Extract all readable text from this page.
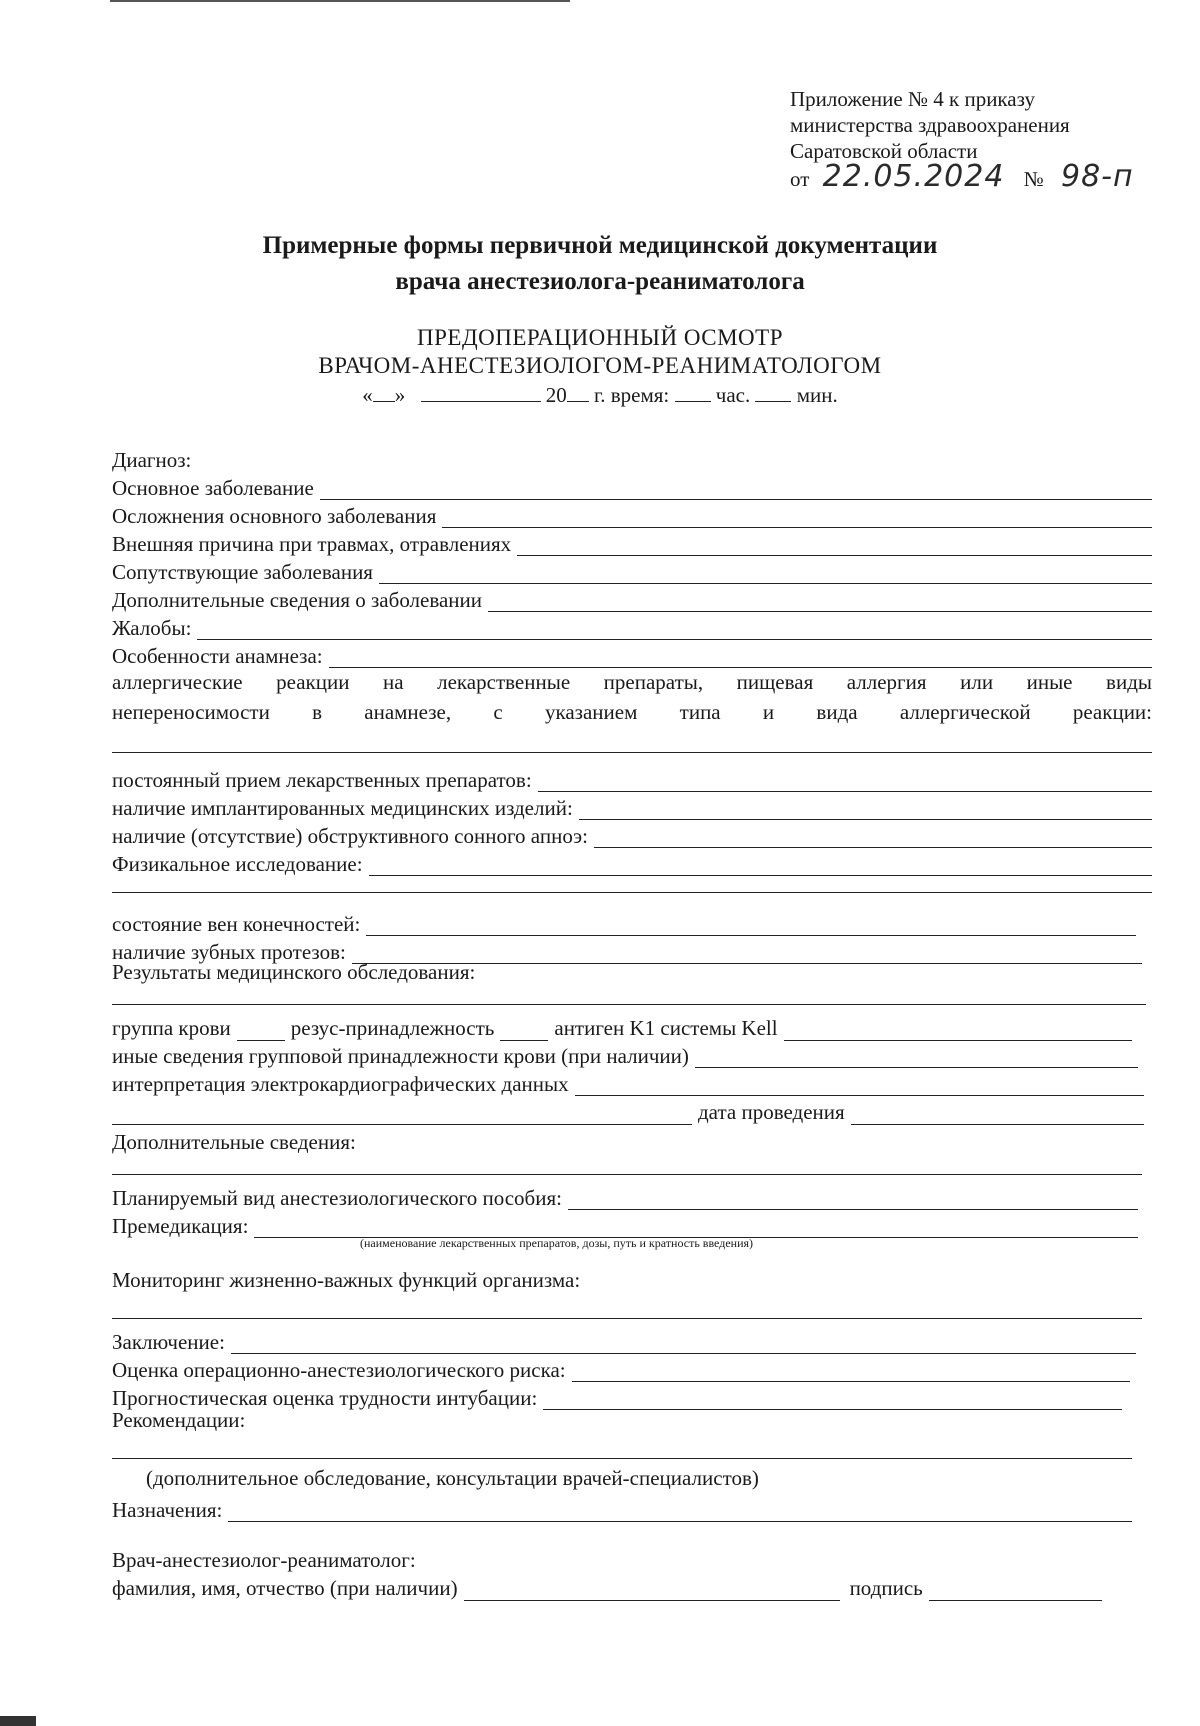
Приложение № 4 к приказу
министерства здравоохранения
Саратовской области
от 22.05.2024 № 98-п
Примерные формы первичной медицинской документации
врача анестезиолога-реаниматолога
ПРЕДОПЕРАЦИОННЫЙ ОСМОТР
ВРАЧОМ-АНЕСТЕЗИОЛОГОМ-РЕАНИМАТОЛОГОМ
« »	20 г. время: час. мин.
Диагноз:
Основное заболевание
Осложнения основного заболевания
Внешняя причина при травмах, отравлениях
Сопутствующие заболевания
Дополнительные сведения о заболевании
Жалобы:
Особенности анамнеза:
аллергические реакции на лекарственные препараты, пищевая аллергия или иные виды
непереносимости в анамнезе, с указанием типа и вида аллергической реакции:
постоянный прием лекарственных препаратов:
наличие имплантированных медицинских изделий:
наличие (отсутствие) обструктивного сонного апноэ:
Физикальное исследование:
состояние вен конечностей:
наличие зубных протезов:
Результаты медицинского обследования:
группа крови	резус-принадлежность	антиген K1 системы Kell
иные сведения групповой принадлежности крови (при наличии)
интерпретация электрокардиографических данных
дата проведения
Дополнительные сведения:
Планируемый вид анестезиологического пособия:
Премедикация:
(наименование лекарственных препаратов, дозы, путь и кратность введения)
Мониторинг жизненно-важных функций организма:
Заключение:
Оценка операционно-анестезиологического риска:
Прогностическая оценка трудности интубации:
Рекомендации:
(дополнительное обследование, консультации врачей-специалистов)
Назначения:
Врач-анестезиолог-реаниматолог:
фамилия, имя, отчество (при наличии)	подпись
